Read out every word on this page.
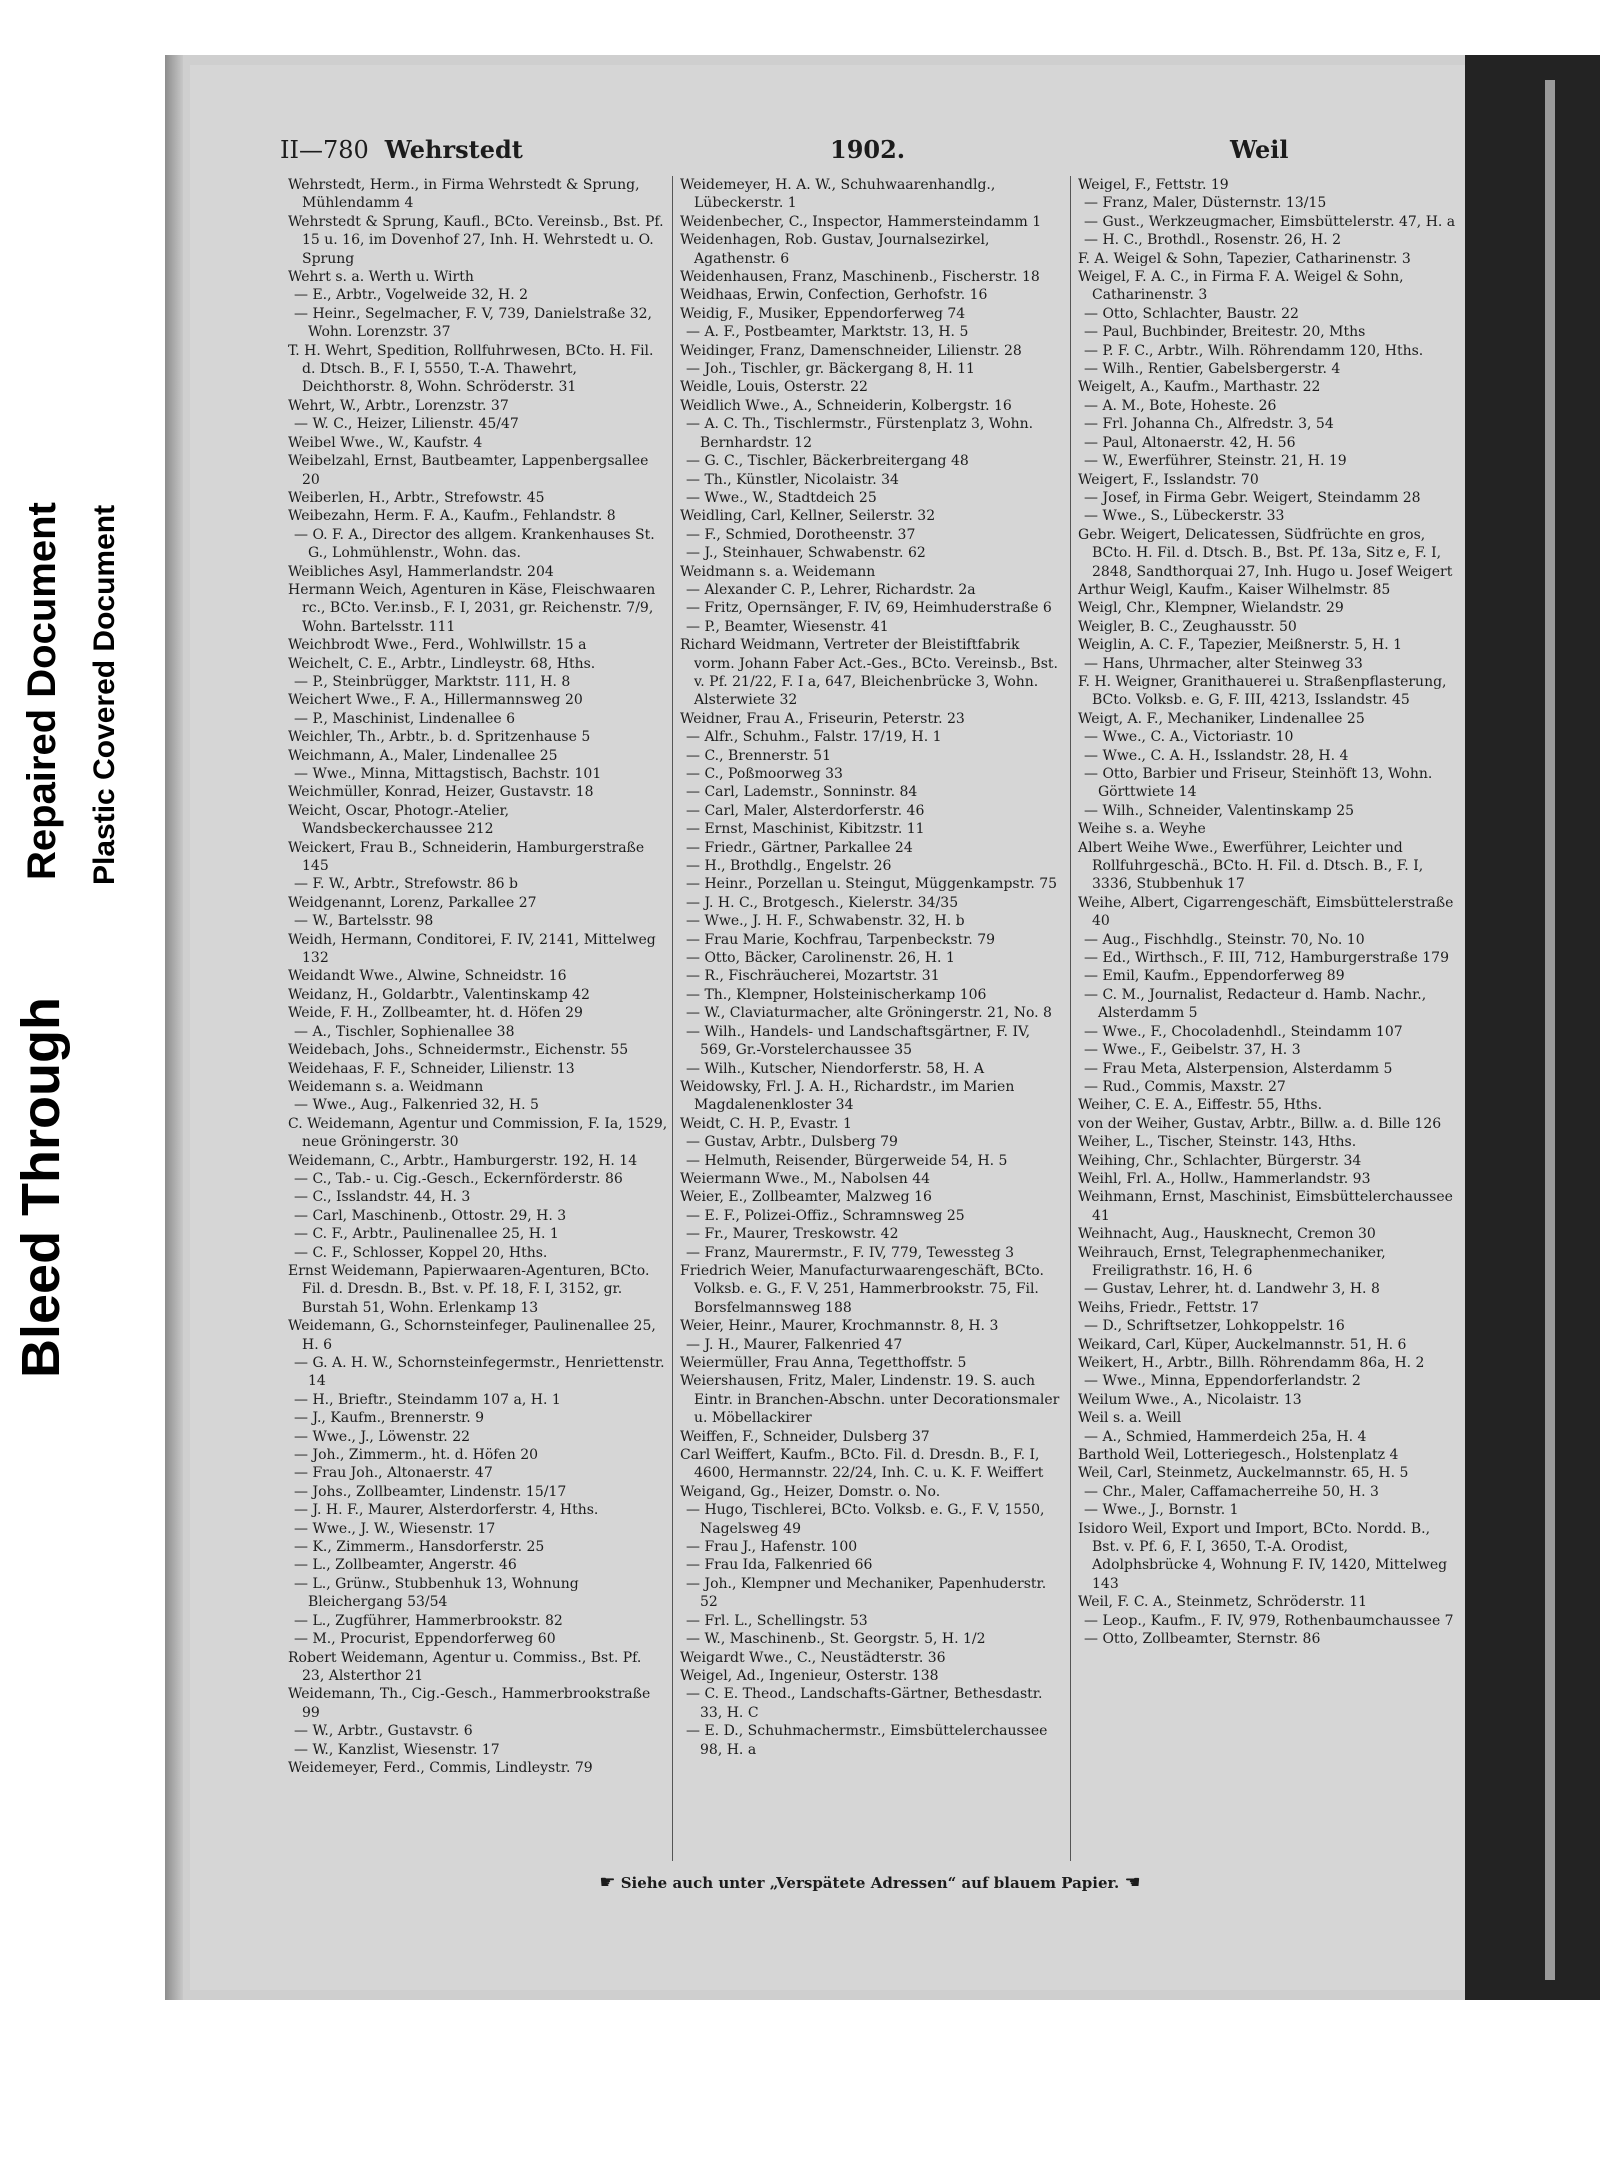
Bleed Through
Repaired Document Plastic Covered Document
II—780 Wehrstedt	1902.	Weil

Wehrstedt, Herm., in Firma Wehrstedt & Sprung, Mühlendamm 4

Wehrstedt & Sprung, Kaufl., BCto. Vereinsb., Bst. Pf. 15 u. 16, im Dovenhof 27, Inh. H. Wehrstedt u. O. Sprung

Wehrt s. a. Werth u. Wirth

— E., Arbtr., Vogelweide 32, H. 2

— Heinr., Segelmacher, F. V, 739, Danielstraße 32, Wohn. Lorenzstr. 37

T. H. Wehrt, Spedition, Rollfuhrwesen, BCto. H. Fil. d. Dtsch. B., F. I, 5550, T.-A. Thawehrt, Deichthorstr. 8, Wohn. Schröderstr. 31

Wehrt, W., Arbtr., Lorenzstr. 37

— W. C., Heizer, Lilienstr. 45/47

Weibel Wwe., W., Kaufstr. 4

Weibelzahl, Ernst, Bautbeamter, Lappenbergsallee 20

Weiberlen, H., Arbtr., Strefowstr. 45

Weibezahn, Herm. F. A., Kaufm., Fehlandstr. 8

— O. F. A., Director des allgem. Krankenhauses St. G., Lohmühlenstr., Wohn. das.

Weibliches Asyl, Hammerlandstr. 204

Hermann Weich, Agenturen in Käse, Fleischwaaren rc., BCto. Ver.insb., F. I, 2031, gr. Reichenstr. 7/9, Wohn. Bartelsstr. 111

Weichbrodt Wwe., Ferd., Wohlwillstr. 15 a

Weichelt, C. E., Arbtr., Lindleystr. 68, Hths.

— P., Steinbrügger, Marktstr. 111, H. 8

Weichert Wwe., F. A., Hillermannsweg 20

— P., Maschinist, Lindenallee 6

Weichler, Th., Arbtr., b. d. Spritzenhause 5

Weichmann, A., Maler, Lindenallee 25

— Wwe., Minna, Mittagstisch, Bachstr. 101

Weichmüller, Konrad, Heizer, Gustavstr. 18

Weicht, Oscar, Photogr.-Atelier, Wandsbeckerchaussee 212

Weickert, Frau B., Schneiderin, Hamburgerstraße 145

— F. W., Arbtr., Strefowstr. 86 b

Weidgenannt, Lorenz, Parkallee 27

— W., Bartelsstr. 98

Weidh, Hermann, Conditorei, F. IV, 2141, Mittelweg 132

Weidandt Wwe., Alwine, Schneidstr. 16

Weidanz, H., Goldarbtr., Valentinskamp 42

Weide, F. H., Zollbeamter, ht. d. Höfen 29

— A., Tischler, Sophienallee 38

Weidebach, Johs., Schneidermstr., Eichenstr. 55

Weidehaas, F. F., Schneider, Lilienstr. 13

Weidemann s. a. Weidmann

— Wwe., Aug., Falkenried 32, H. 5

C. Weidemann, Agentur und Commission, F. Ia, 1529, neue Gröningerstr. 30

Weidemann, C., Arbtr., Hamburgerstr. 192, H. 14

— C., Tab.- u. Cig.-Gesch., Eckernförderstr. 86

— C., Isslandstr. 44, H. 3

— Carl, Maschinenb., Ottostr. 29, H. 3

— C. F., Arbtr., Paulinenallee 25, H. 1

— C. F., Schlosser, Koppel 20, Hths.

Ernst Weidemann, Papierwaaren-Agenturen, BCto. Fil. d. Dresdn. B., Bst. v. Pf. 18, F. I, 3152, gr. Burstah 51, Wohn. Erlenkamp 13

Weidemann, G., Schornsteinfeger, Paulinenallee 25, H. 6

— G. A. H. W., Schornsteinfegermstr., Henriettenstr. 14

— H., Brieftr., Steindamm 107 a, H. 1

— J., Kaufm., Brennerstr. 9

— Wwe., J., Löwenstr. 22

— Joh., Zimmerm., ht. d. Höfen 20

— Frau Joh., Altonaerstr. 47

— Johs., Zollbeamter, Lindenstr. 15/17

— J. H. F., Maurer, Alsterdorferstr. 4, Hths.

— Wwe., J. W., Wiesenstr. 17

— K., Zimmerm., Hansdorferstr. 25

— L., Zollbeamter, Angerstr. 46

— L., Grünw., Stubbenhuk 13, Wohnung Bleichergang 53/54

— L., Zugführer, Hammerbrookstr. 82

— M., Procurist, Eppendorferweg 60

Robert Weidemann, Agentur u. Commiss., Bst. Pf. 23, Alsterthor 21

Weidemann, Th., Cig.-Gesch., Hammerbrookstraße 99

— W., Arbtr., Gustavstr. 6

— W., Kanzlist, Wiesenstr. 17

Weidemeyer, Ferd., Commis, Lindleystr. 79

Weidemeyer, H. A. W., Schuhwaarenhandlg., Lübeckerstr. 1

Weidenbecher, C., Inspector, Hammersteindamm 1

Weidenhagen, Rob. Gustav, Journalsezirkel, Agathenstr. 6

Weidenhausen, Franz, Maschinenb., Fischerstr. 18

Weidhaas, Erwin, Confection, Gerhofstr. 16

Weidig, F., Musiker, Eppendorferweg 74

— A. F., Postbeamter, Marktstr. 13, H. 5

Weidinger, Franz, Damenschneider, Lilienstr. 28

— Joh., Tischler, gr. Bäckergang 8, H. 11

Weidle, Louis, Osterstr. 22

Weidlich Wwe., A., Schneiderin, Kolbergstr. 16

— A. C. Th., Tischlermstr., Fürstenplatz 3, Wohn. Bernhardstr. 12

— G. C., Tischler, Bäckerbreitergang 48

— Th., Künstler, Nicolaistr. 34

— Wwe., W., Stadtdeich 25

Weidling, Carl, Kellner, Seilerstr. 32

— F., Schmied, Dorotheenstr. 37

— J., Steinhauer, Schwabenstr. 62

Weidmann s. a. Weidemann

— Alexander C. P., Lehrer, Richardstr. 2a

— Fritz, Opernsänger, F. IV, 69, Heimhuderstraße 6

— P., Beamter, Wiesenstr. 41

Richard Weidmann, Vertreter der Bleistiftfabrik vorm. Johann Faber Act.-Ges., BCto. Vereinsb., Bst. v. Pf. 21/22, F. I a, 647, Bleichenbrücke 3, Wohn. Alsterwiete 32

Weidner, Frau A., Friseurin, Peterstr. 23

— Alfr., Schuhm., Falstr. 17/19, H. 1

— C., Brennerstr. 51

— C., Poßmoorweg 33

— Carl, Lademstr., Sonninstr. 84

— Carl, Maler, Alsterdorferstr. 46

— Ernst, Maschinist, Kibitzstr. 11

— Friedr., Gärtner, Parkallee 24

— H., Brothdlg., Engelstr. 26

— Heinr., Porzellan u. Steingut, Müggenkampstr. 75

— J. H. C., Brotgesch., Kielerstr. 34/35

— Wwe., J. H. F., Schwabenstr. 32, H. b

— Frau Marie, Kochfrau, Tarpenbeckstr. 79

— Otto, Bäcker, Carolinenstr. 26, H. 1

— R., Fischräucherei, Mozartstr. 31

— Th., Klempner, Holsteinischerkamp 106

— W., Claviaturmacher, alte Gröningerstr. 21, No. 8

— Wilh., Handels- und Landschaftsgärtner, F. IV, 569, Gr.-Vorstelerchaussee 35

— Wilh., Kutscher, Niendorferstr. 58, H. A

Weidowsky, Frl. J. A. H., Richardstr., im Marien Magdalenenkloster 34

Weidt, C. H. P., Evastr. 1

— Gustav, Arbtr., Dulsberg 79

— Helmuth, Reisender, Bürgerweide 54, H. 5

Weiermann Wwe., M., Nabolsen 44

Weier, E., Zollbeamter, Malzweg 16

— E. F., Polizei-Offiz., Schramnsweg 25

— Fr., Maurer, Treskowstr. 42

— Franz, Maurermstr., F. IV, 779, Tewessteg 3

Friedrich Weier, Manufacturwaarengeschäft, BCto. Volksb. e. G., F. V, 251, Hammerbrookstr. 75, Fil. Borsfelmannsweg 188

Weier, Heinr., Maurer, Krochmannstr. 8, H. 3

— J. H., Maurer, Falkenried 47

Weiermüller, Frau Anna, Tegetthoffstr. 5

Weiershausen, Fritz, Maler, Lindenstr. 19. S. auch Eintr. in Branchen-Abschn. unter Decorationsmaler u. Möbellackirer

Weiffen, F., Schneider, Dulsberg 37

Carl Weiffert, Kaufm., BCto. Fil. d. Dresdn. B., F. I, 4600, Hermannstr. 22/24, Inh. C. u. K. F. Weiffert

Weigand, Gg., Heizer, Domstr. o. No.

— Hugo, Tischlerei, BCto. Volksb. e. G., F. V, 1550, Nagelsweg 49

— Frau J., Hafenstr. 100

— Frau Ida, Falkenried 66

— Joh., Klempner und Mechaniker, Papenhuderstr. 52

— Frl. L., Schellingstr. 53

— W., Maschinenb., St. Georgstr. 5, H. 1/2

Weigardt Wwe., C., Neustädterstr. 36

Weigel, Ad., Ingenieur, Osterstr. 138

— C. E. Theod., Landschafts-Gärtner, Bethesdastr. 33, H. C

— E. D., Schuhmachermstr., Eimsbüttelerchaussee 98, H. a

Weigel, F., Fettstr. 19

— Franz, Maler, Düsternstr. 13/15

— Gust., Werkzeugmacher, Eimsbüttelerstr. 47, H. a

— H. C., Brothdl., Rosenstr. 26, H. 2

F. A. Weigel & Sohn, Tapezier, Catharinenstr. 3

Weigel, F. A. C., in Firma F. A. Weigel & Sohn, Catharinenstr. 3

— Otto, Schlachter, Baustr. 22

— Paul, Buchbinder, Breitestr. 20, Mths

— P. F. C., Arbtr., Wilh. Röhrendamm 120, Hths.

— Wilh., Rentier, Gabelsbergerstr. 4

Weigelt, A., Kaufm., Marthastr. 22

— A. M., Bote, Hoheste. 26

— Frl. Johanna Ch., Alfredstr. 3, 54

— Paul, Altonaerstr. 42, H. 56

— W., Ewerführer, Steinstr. 21, H. 19

Weigert, F., Isslandstr. 70

— Josef, in Firma Gebr. Weigert, Steindamm 28

— Wwe., S., Lübeckerstr. 33

Gebr. Weigert, Delicatessen, Südfrüchte en gros, BCto. H. Fil. d. Dtsch. B., Bst. Pf. 13a, Sitz e, F. I, 2848, Sandthorquai 27, Inh. Hugo u. Josef Weigert

Arthur Weigl, Kaufm., Kaiser Wilhelmstr. 85

Weigl, Chr., Klempner, Wielandstr. 29

Weigler, B. C., Zeughausstr. 50

Weiglin, A. C. F., Tapezier, Meißnerstr. 5, H. 1

— Hans, Uhrmacher, alter Steinweg 33

F. H. Weigner, Granithauerei u. Straßenpflasterung, BCto. Volksb. e. G, F. III, 4213, Isslandstr. 45

Weigt, A. F., Mechaniker, Lindenallee 25

— Wwe., C. A., Victoriastr. 10

— Wwe., C. A. H., Isslandstr. 28, H. 4

— Otto, Barbier und Friseur, Steinhöft 13, Wohn. Görttwiete 14

— Wilh., Schneider, Valentinskamp 25

Weihe s. a. Weyhe

Albert Weihe Wwe., Ewerführer, Leichter und Rollfuhrgeschä., BCto. H. Fil. d. Dtsch. B., F. I, 3336, Stubbenhuk 17

Weihe, Albert, Cigarrengeschäft, Eimsbüttelerstraße 40

— Aug., Fischhdlg., Steinstr. 70, No. 10

— Ed., Wirthsch., F. III, 712, Hamburgerstraße 179

— Emil, Kaufm., Eppendorferweg 89

— C. M., Journalist, Redacteur d. Hamb. Nachr., Alsterdamm 5

— Wwe., F., Chocoladenhdl., Steindamm 107

— Wwe., F., Geibelstr. 37, H. 3

— Frau Meta, Alsterpension, Alsterdamm 5

— Rud., Commis, Maxstr. 27

Weiher, C. E. A., Eiffestr. 55, Hths.

von der Weiher, Gustav, Arbtr., Billw. a. d. Bille 126

Weiher, L., Tischer, Steinstr. 143, Hths.

Weihing, Chr., Schlachter, Bürgerstr. 34

Weihl, Frl. A., Hollw., Hammerlandstr. 93

Weihmann, Ernst, Maschinist, Eimsbüttelerchaussee 41

Weihnacht, Aug., Hausknecht, Cremon 30

Weihrauch, Ernst, Telegraphenmechaniker, Freiligrathstr. 16, H. 6

— Gustav, Lehrer, ht. d. Landwehr 3, H. 8

Weihs, Friedr., Fettstr. 17

— D., Schriftsetzer, Lohkoppelstr. 16

Weikard, Carl, Küper, Auckelmannstr. 51, H. 6

Weikert, H., Arbtr., Billh. Röhrendamm 86a, H. 2

— Wwe., Minna, Eppendorferlandstr. 2

Weilum Wwe., A., Nicolaistr. 13

Weil s. a. Weill

— A., Schmied, Hammerdeich 25a, H. 4

Barthold Weil, Lotteriegesch., Holstenplatz 4

Weil, Carl, Steinmetz, Auckelmannstr. 65, H. 5

— Chr., Maler, Caffamacherreihe 50, H. 3

— Wwe., J., Bornstr. 1

Isidoro Weil, Export und Import, BCto. Nordd. B., Bst. v. Pf. 6, F. I, 3650, T.-A. Orodist, Adolphsbrücke 4, Wohnung F. IV, 1420, Mittelweg 143

Weil, F. C. A., Steinmetz, Schröderstr. 11

— Leop., Kaufm., F. IV, 979, Rothenbaumchaussee 7

— Otto, Zollbeamter, Sternstr. 86

☛ Siehe auch unter „Verspätete Adressen“ auf blauem Papier. ☚
